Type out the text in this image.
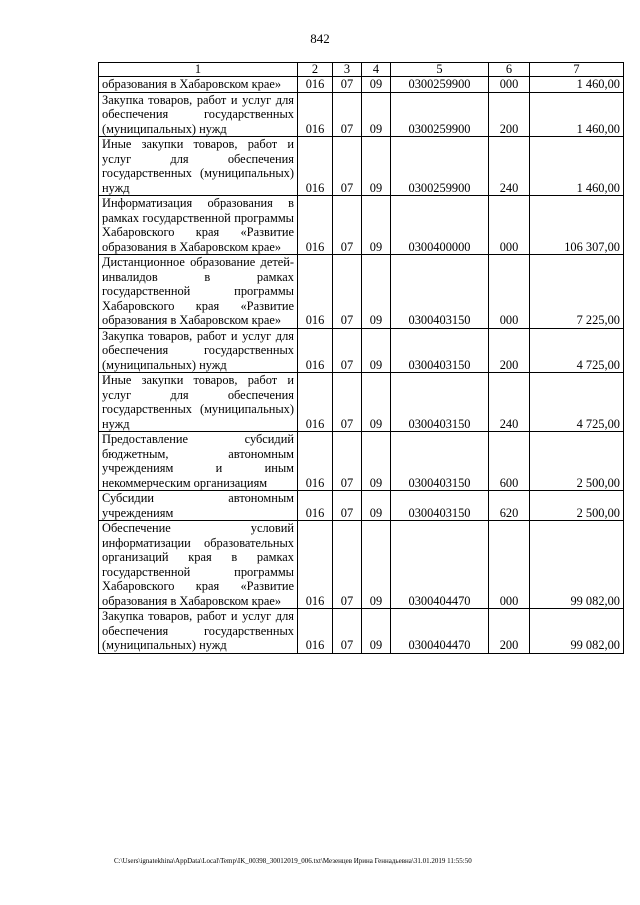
842
1	2	3	4	5	6	7
образования в Хабаровском крае»	016	07	09	0300259900	000	1 460,00
Закупка товаров, работ и услуг для обеспечения государственных (муниципальных) нужд	016	07	09	0300259900	200	1 460,00
Иные закупки товаров, работ и услуг для обеспечения государственных (муниципальных) нужд	016	07	09	0300259900	240	1 460,00
Информатизация образования в рамках государственной программы Хабаровского края «Развитие образования в Хабаровском крае»	016	07	09	0300400000	000	106 307,00
Дистанционное образование детей-инвалидов в рамках государственной программы Хабаровского края «Развитие образования в Хабаровском крае»	016	07	09	0300403150	000	7 225,00
Закупка товаров, работ и услуг для обеспечения государственных (муниципальных) нужд	016	07	09	0300403150	200	4 725,00
Иные закупки товаров, работ и услуг для обеспечения государственных (муниципальных) нужд	016	07	09	0300403150	240	4 725,00
Предоставление субсидий бюджетным, автономным учреждениям и иным некоммерческим организациям	016	07	09	0300403150	600	2 500,00
Субсидии автономным учреждениям	016	07	09	0300403150	620	2 500,00
Обеспечение условий информатизации образовательных организаций края в рамках государственной программы Хабаровского края «Развитие образования в Хабаровском крае»	016	07	09	0300404470	000	99 082,00
Закупка товаров, работ и услуг для обеспечения государственных (муниципальных) нужд	016	07	09	0300404470	200	99 082,00
C:\Users\ignatekhina\AppData\Local\Temp\IK_00398_30012019_006.txt\Мезенцев Ирина Геннадьевна\31.01.2019 11:55:50
